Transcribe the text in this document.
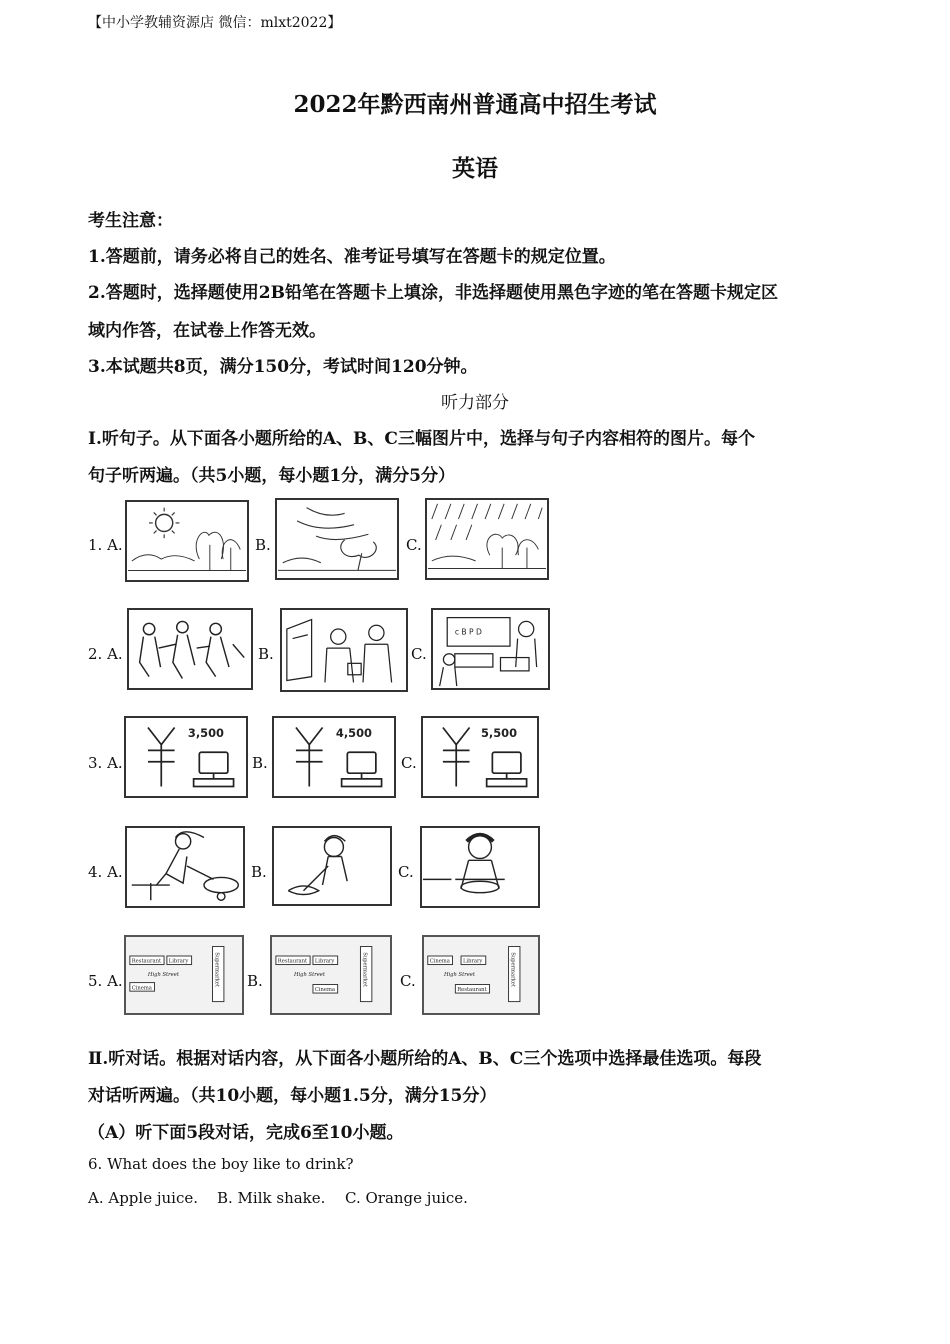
【中小学教辅资源店 微信：mlxt2022】
2022年黔西南州普通高中招生考试
英语
考生注意：
1.答题前，请务必将自己的姓名、准考证号填写在答题卡的规定位置。
2.答题时，选择题使用2B铅笔在答题卡上填涂，非选择题使用黑色字迹的笔在答题卡规定区
域内作答，在试卷上作答无效。
3.本试题共8页，满分150分，考试时间120分钟。
听力部分
Ⅰ.听句子。从下面各小题所给的A、B、C三幅图片中，选择与句子内容相符的图片。每个
句子听两遍。（共5小题，每小题1分，满分5分）
1. A.	B.	C.
2. A.	B.	C.
c B P D
3. A.
3,500
B.
4,500
C.
5,500
4. A.	B.	C.
5. A.
Restaurant Library
High Street
Cinema
Supermarket B.
Restaurant Library
High Street
Cinema
Supermarket C.
Cinema Library
High Street
Restaurant
Supermarket
Ⅱ.听对话。根据对话内容，从下面各小题所给的A、B、C三个选项中选择最佳选项。每段
对话听两遍。（共10小题，每小题1.5分，满分15分）
（A）听下面5段对话，完成6至10小题。
6. What does the boy like to drink?
A. Apple juice. B. Milk shake. C. Orange juice.
